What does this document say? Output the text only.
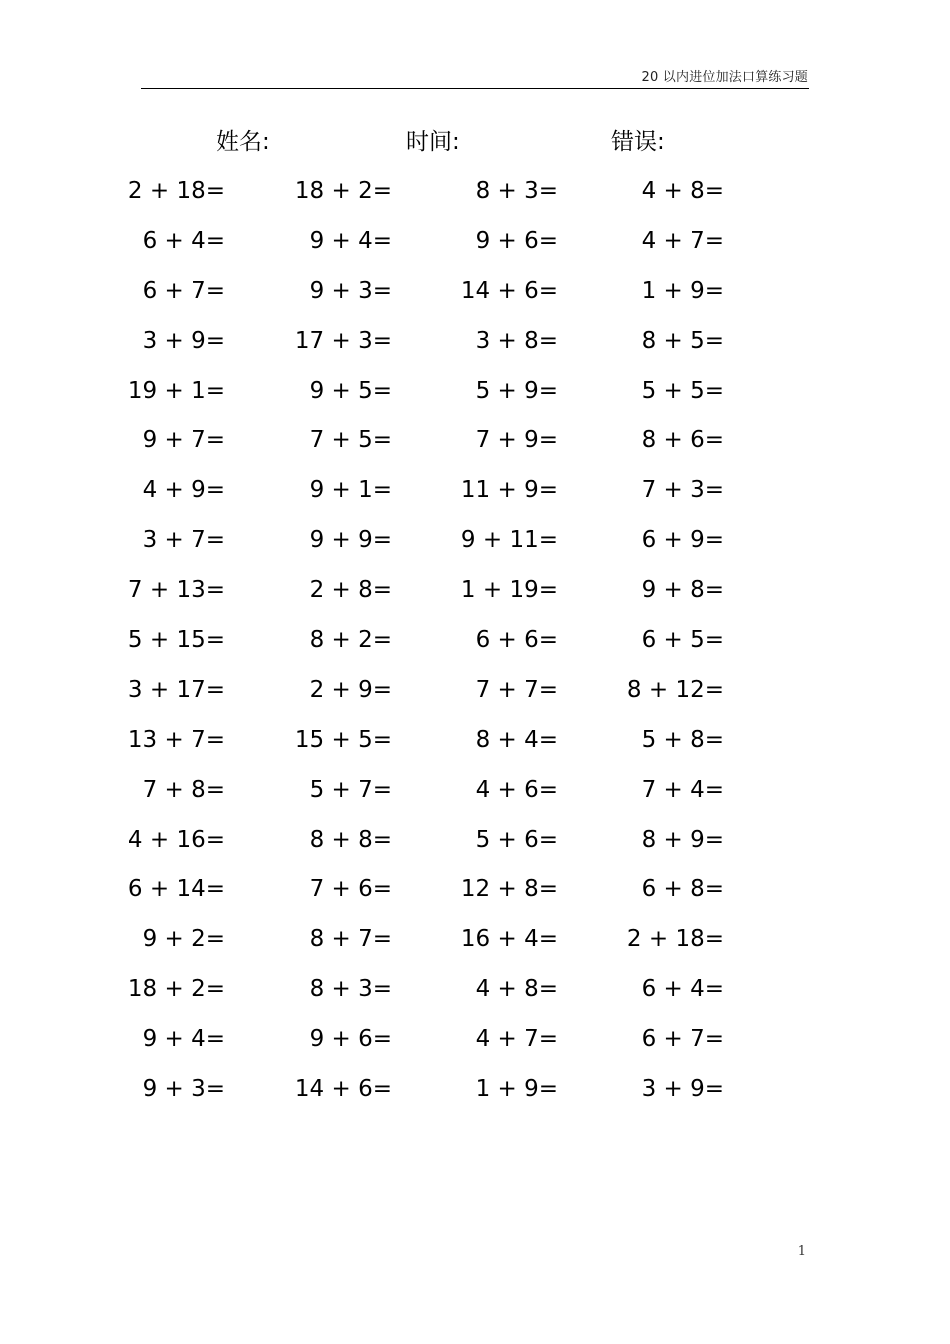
20 以内进位加法口算练习题
姓名:	时间:	错误:
2 + 18=	18 + 2=	8 + 3=	4 + 8=
6 + 4=	9 + 4=	9 + 6=	4 + 7=
6 + 7=	9 + 3=	14 + 6=	1 + 9=
3 + 9=	17 + 3=	3 + 8=	8 + 5=
19 + 1=	9 + 5=	5 + 9=	5 + 5=
9 + 7=	7 + 5=	7 + 9=	8 + 6=
4 + 9=	9 + 1=	11 + 9=	7 + 3=
3 + 7=	9 + 9=	9 + 11=	6 + 9=
7 + 13=	2 + 8=	1 + 19=	9 + 8=
5 + 15=	8 + 2=	6 + 6=	6 + 5=
3 + 17=	2 + 9=	7 + 7=	8 + 12=
13 + 7=	15 + 5=	8 + 4=	5 + 8=
7 + 8=	5 + 7=	4 + 6=	7 + 4=
4 + 16=	8 + 8=	5 + 6=	8 + 9=
6 + 14=	7 + 6=	12 + 8=	6 + 8=
9 + 2=	8 + 7=	16 + 4=	2 + 18=
18 + 2=	8 + 3=	4 + 8=	6 + 4=
9 + 4=	9 + 6=	4 + 7=	6 + 7=
9 + 3=	14 + 6=	1 + 9=	3 + 9=
1
